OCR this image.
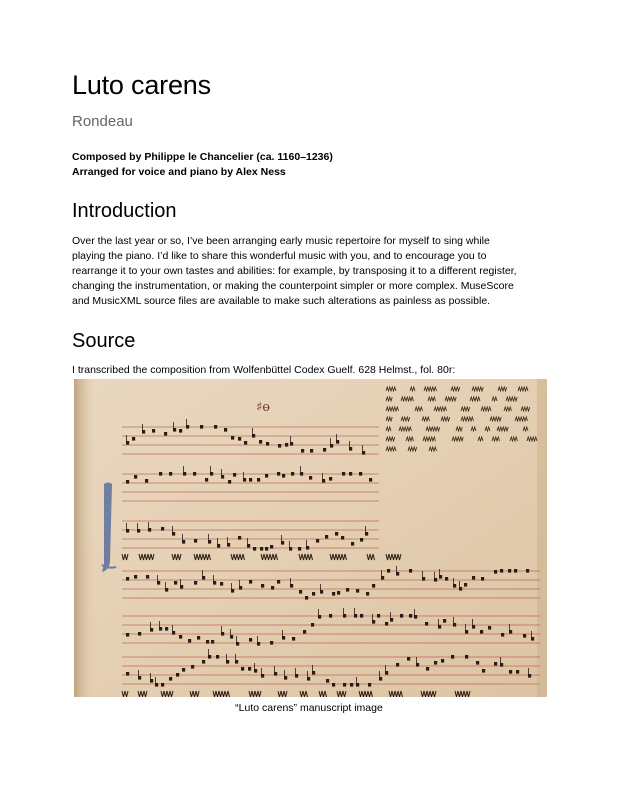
Luto carens
Rondeau
Composed by Philippe le Chancelier (ca. 1160–1236)
Arranged for voice and piano by Alex Ness
Introduction

Over the last year or so, I’ve been arranging early music repertoire for myself to sing while
playing the piano. I’d like to share this wonderful music with you, and to encourage you to
rearrange it to your own tastes and abilities: for example, by transposing it to a different register,
changing the instrumentation, or making the counterpoint simpler or more complex. MuseScore
and MusicXML source files are available to make such alterations as painless as possible.

Source

I transcribed the composition from Wolfenbüttel Codex Guelf. 628 Helmst., fol. 80r:

♯ɵ
“Luto carens” manuscript image
